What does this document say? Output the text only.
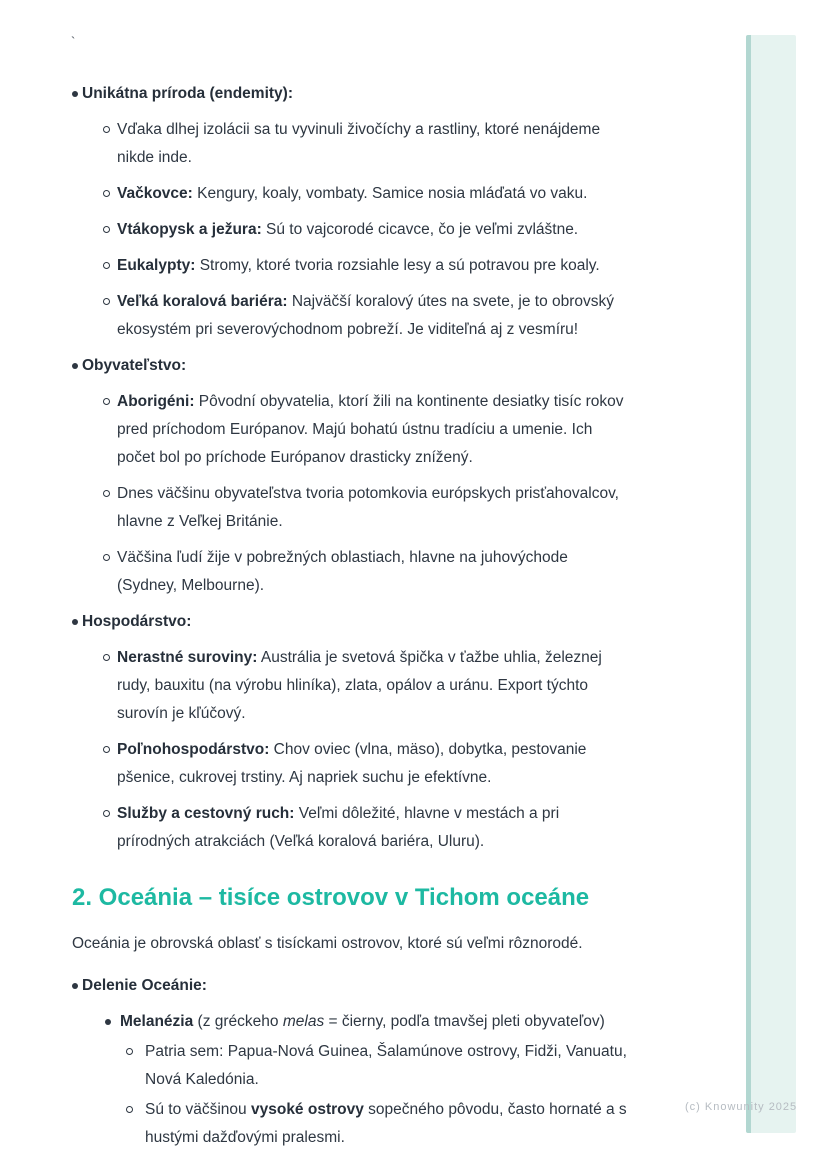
`
Unikátna príroda (endemity):
Vďaka dlhej izolácii sa tu vyvinuli živočíchy a rastliny, ktoré nenájdeme nikde inde.
Vačkovce: Kengury, koaly, vombaty. Samice nosia mláďatá vo vaku.
Vtákopysk a ježura: Sú to vajcorodé cicavce, čo je veľmi zvláštne.
Eukalypty: Stromy, ktoré tvoria rozsiahle lesy a sú potravou pre koaly.
Veľká koralová bariéra: Najväčší koralový útes na svete, je to obrovský ekosystém pri severovýchodnom pobreží. Je viditeľná aj z vesmíru!
Obyvateľstvo:
Aborigéni: Pôvodní obyvatelia, ktorí žili na kontinente desiatky tisíc rokov pred príchodom Európanov. Majú bohatú ústnu tradíciu a umenie. Ich počet bol po príchode Európanov drasticky znížený.
Dnes väčšinu obyvateľstva tvoria potomkovia európskych prisťahovalcov, hlavne z Veľkej Británie.
Väčšina ľudí žije v pobrežných oblastiach, hlavne na juhovýchode (Sydney, Melbourne).
Hospodárstvo:
Nerastné suroviny: Austrália je svetová špička v ťažbe uhlia, železnej rudy, bauxitu (na výrobu hliníka), zlata, opálov a uránu. Export týchto surovín je kľúčový.
Poľnohospodárstvo: Chov oviec (vlna, mäso), dobytka, pestovanie pšenice, cukrovej trstiny. Aj napriek suchu je efektívne.
Služby a cestovný ruch: Veľmi dôležité, hlavne v mestách a pri prírodných atrakciách (Veľká koralová bariéra, Uluru).
2. Oceánia – tisíce ostrovov v Tichom oceáne
Oceánia je obrovská oblasť s tisíckami ostrovov, ktoré sú veľmi rôznorodé.
Delenie Oceánie:
Melanézia (z gréckeho melas = čierny, podľa tmavšej pleti obyvateľov)
Patria sem: Papua-Nová Guinea, Šalamúnove ostrovy, Fidži, Vanuatu, Nová Kaledónia.
Sú to väčšinou vysoké ostrovy sopečného pôvodu, často hornaté a s hustými dažďovými pralesmi.
(c) Knowunity 2025
